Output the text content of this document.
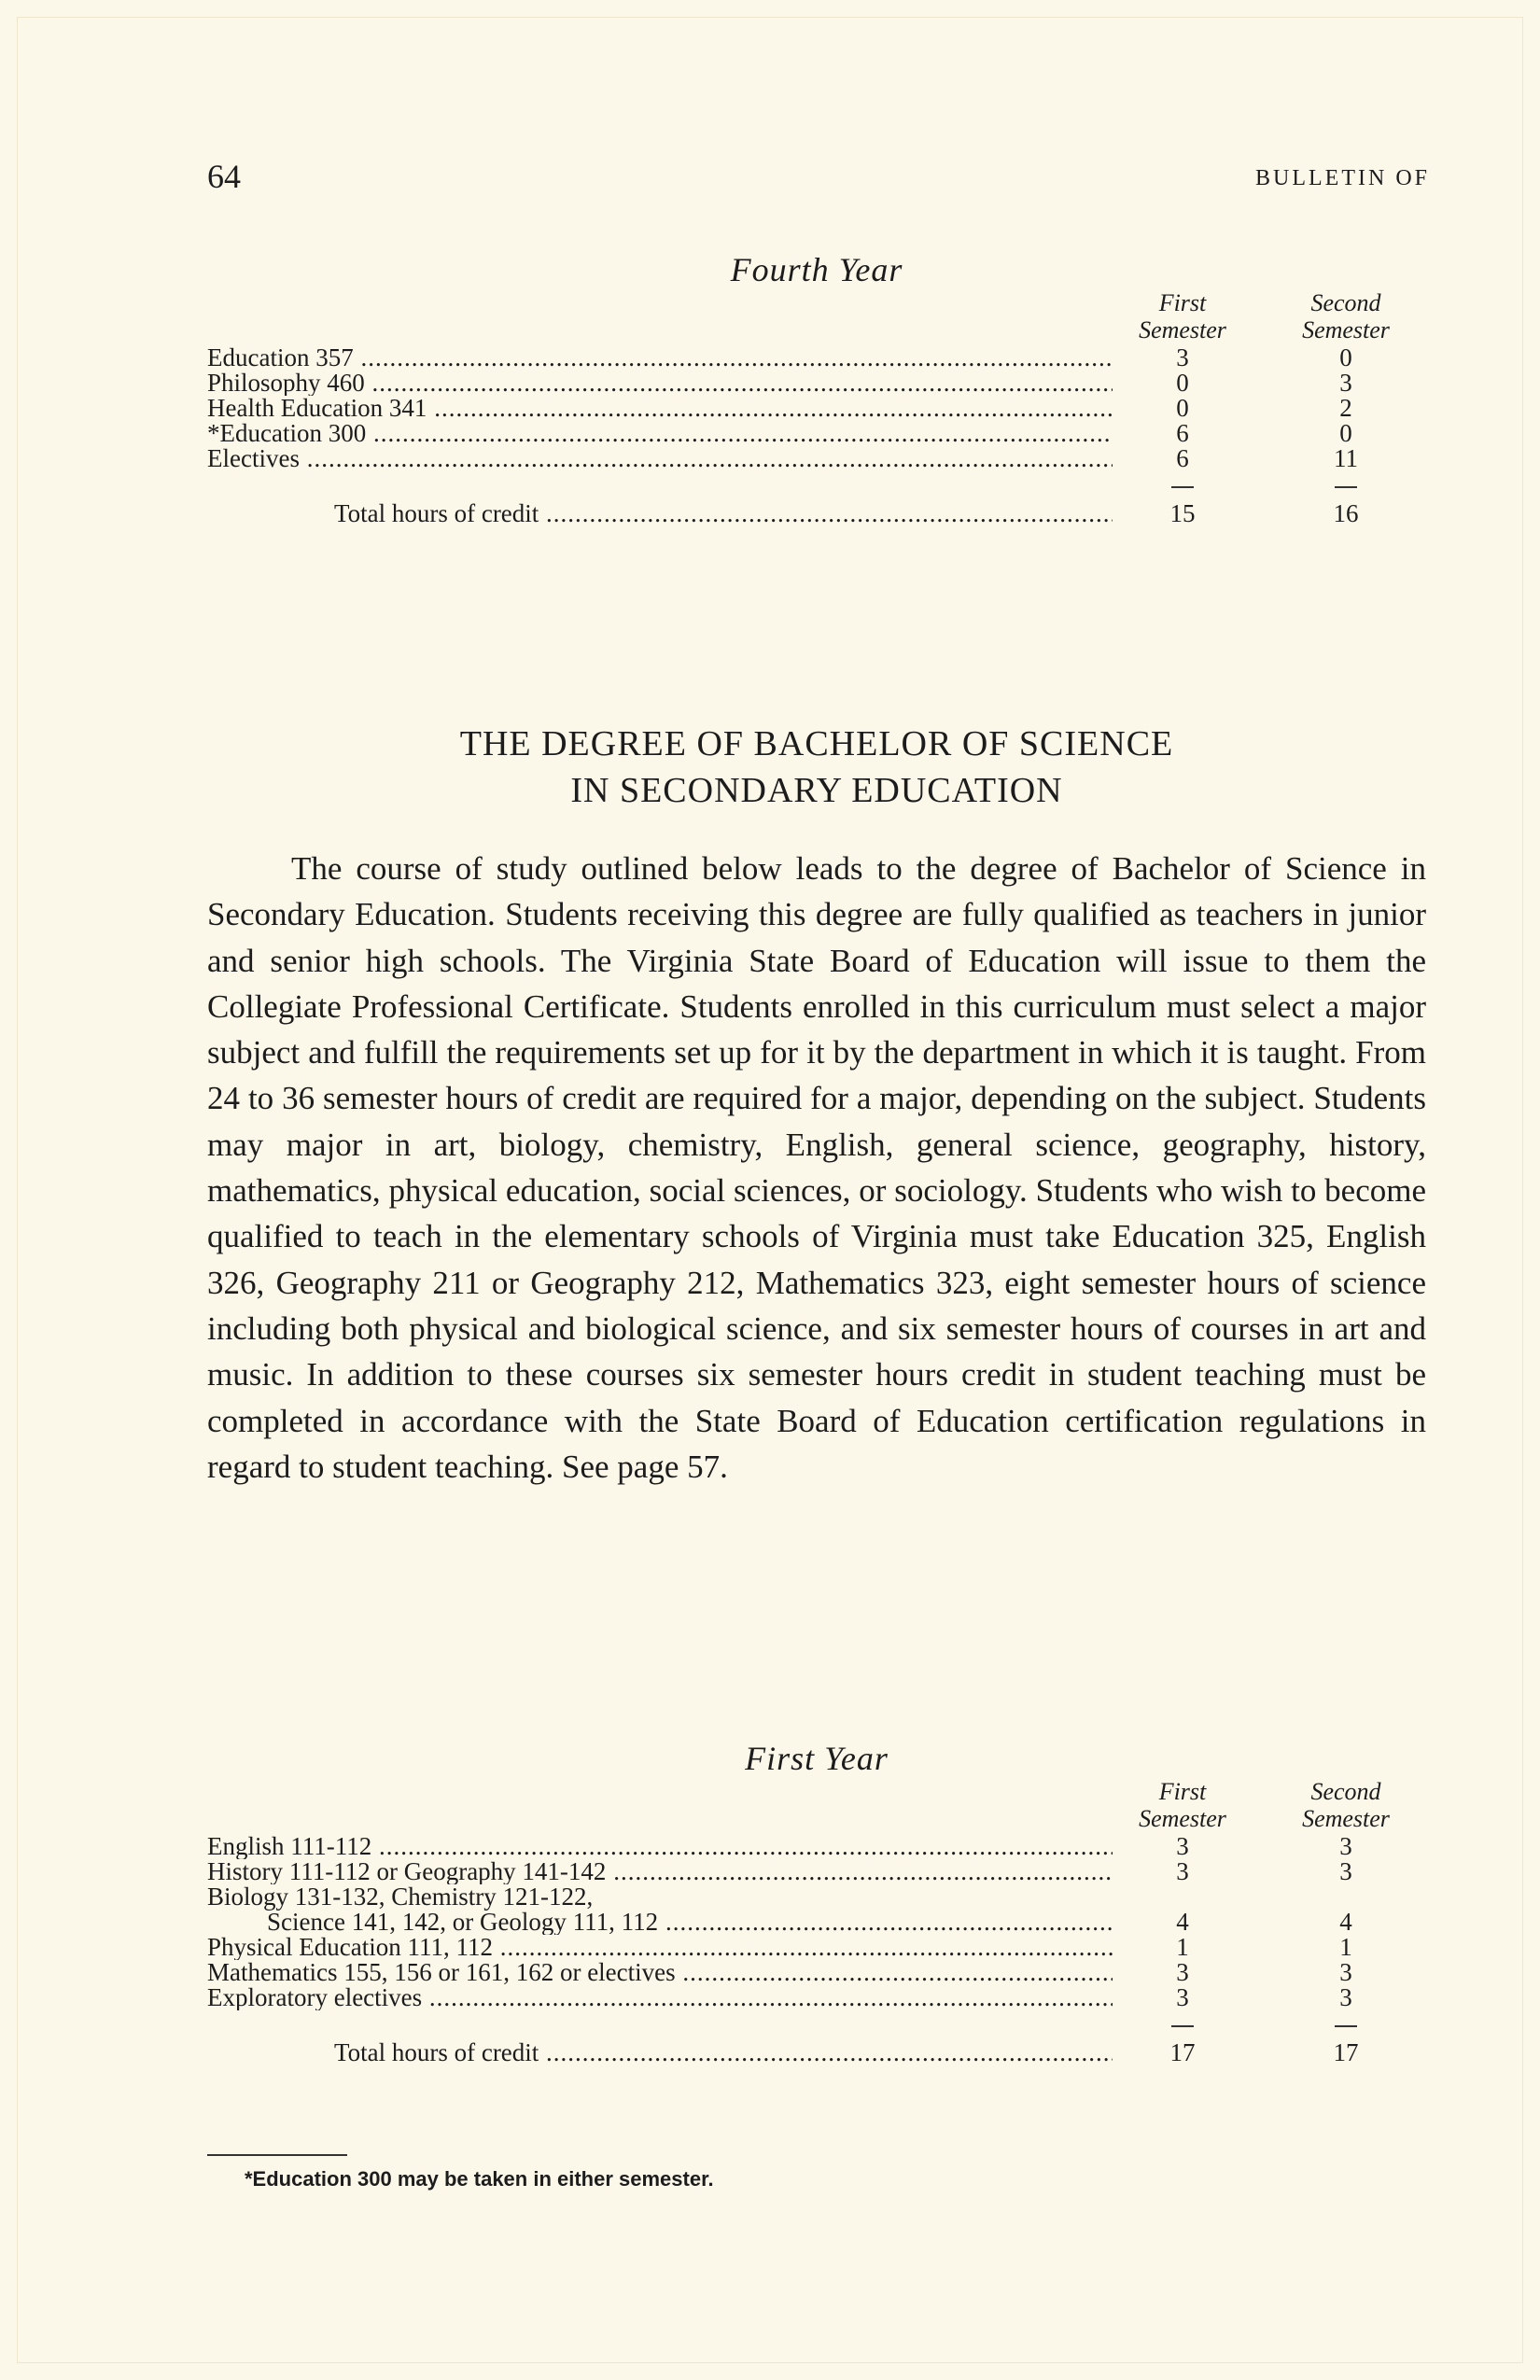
64	BULLETIN OF
Fourth Year
First
Semester
Second
Semester
Education 357 .....	3	0
Philosophy 460 .....	0	3
Health Education 341 .....	0	2
*Education 300 .....	6	0
Electives .....	6	11
Total hours of credit .....	15	16
THE DEGREE OF BACHELOR OF SCIENCE
IN SECONDARY EDUCATION

The course of study outlined below leads to the degree of Bachelor of Science in Secondary Education. Students receiving this degree are fully qualified as teachers in junior and senior high schools. The Virginia State Board of Education will issue to them the Collegiate Professional Certificate. Students enrolled in this curriculum must select a major subject and fulfill the requirements set up for it by the department in which it is taught. From 24 to 36 semester hours of credit are required for a major, depending on the subject. Students may major in art, biology, chemistry, English, general science, geography, history, mathematics, physical education, social sciences, or sociology. Students who wish to become qualified to teach in the elementary schools of Virginia must take Education 325, English 326, Geography 211 or Geography 212, Mathematics 323, eight semester hours of science including both physical and biological science, and six semester hours of courses in art and music. In addition to these courses six semester hours credit in student teaching must be completed in accordance with the State Board of Education certification regulations in regard to student teaching. See page 57.

First Year
First
Semester
Second
Semester
English 111-112 .....	3	3
History 111-112 or Geography 141-142 .....	3	3
Biology 131-132, Chemistry 121-122,
Science 141, 142, or Geology 111, 112 .....	4	4
Physical Education 111, 112 .....	1	1
Mathematics 155, 156 or 161, 162 or electives .....	3	3
Exploratory electives .....	3	3
Total hours of credit .....	17	17
*Education 300 may be taken in either semester.
